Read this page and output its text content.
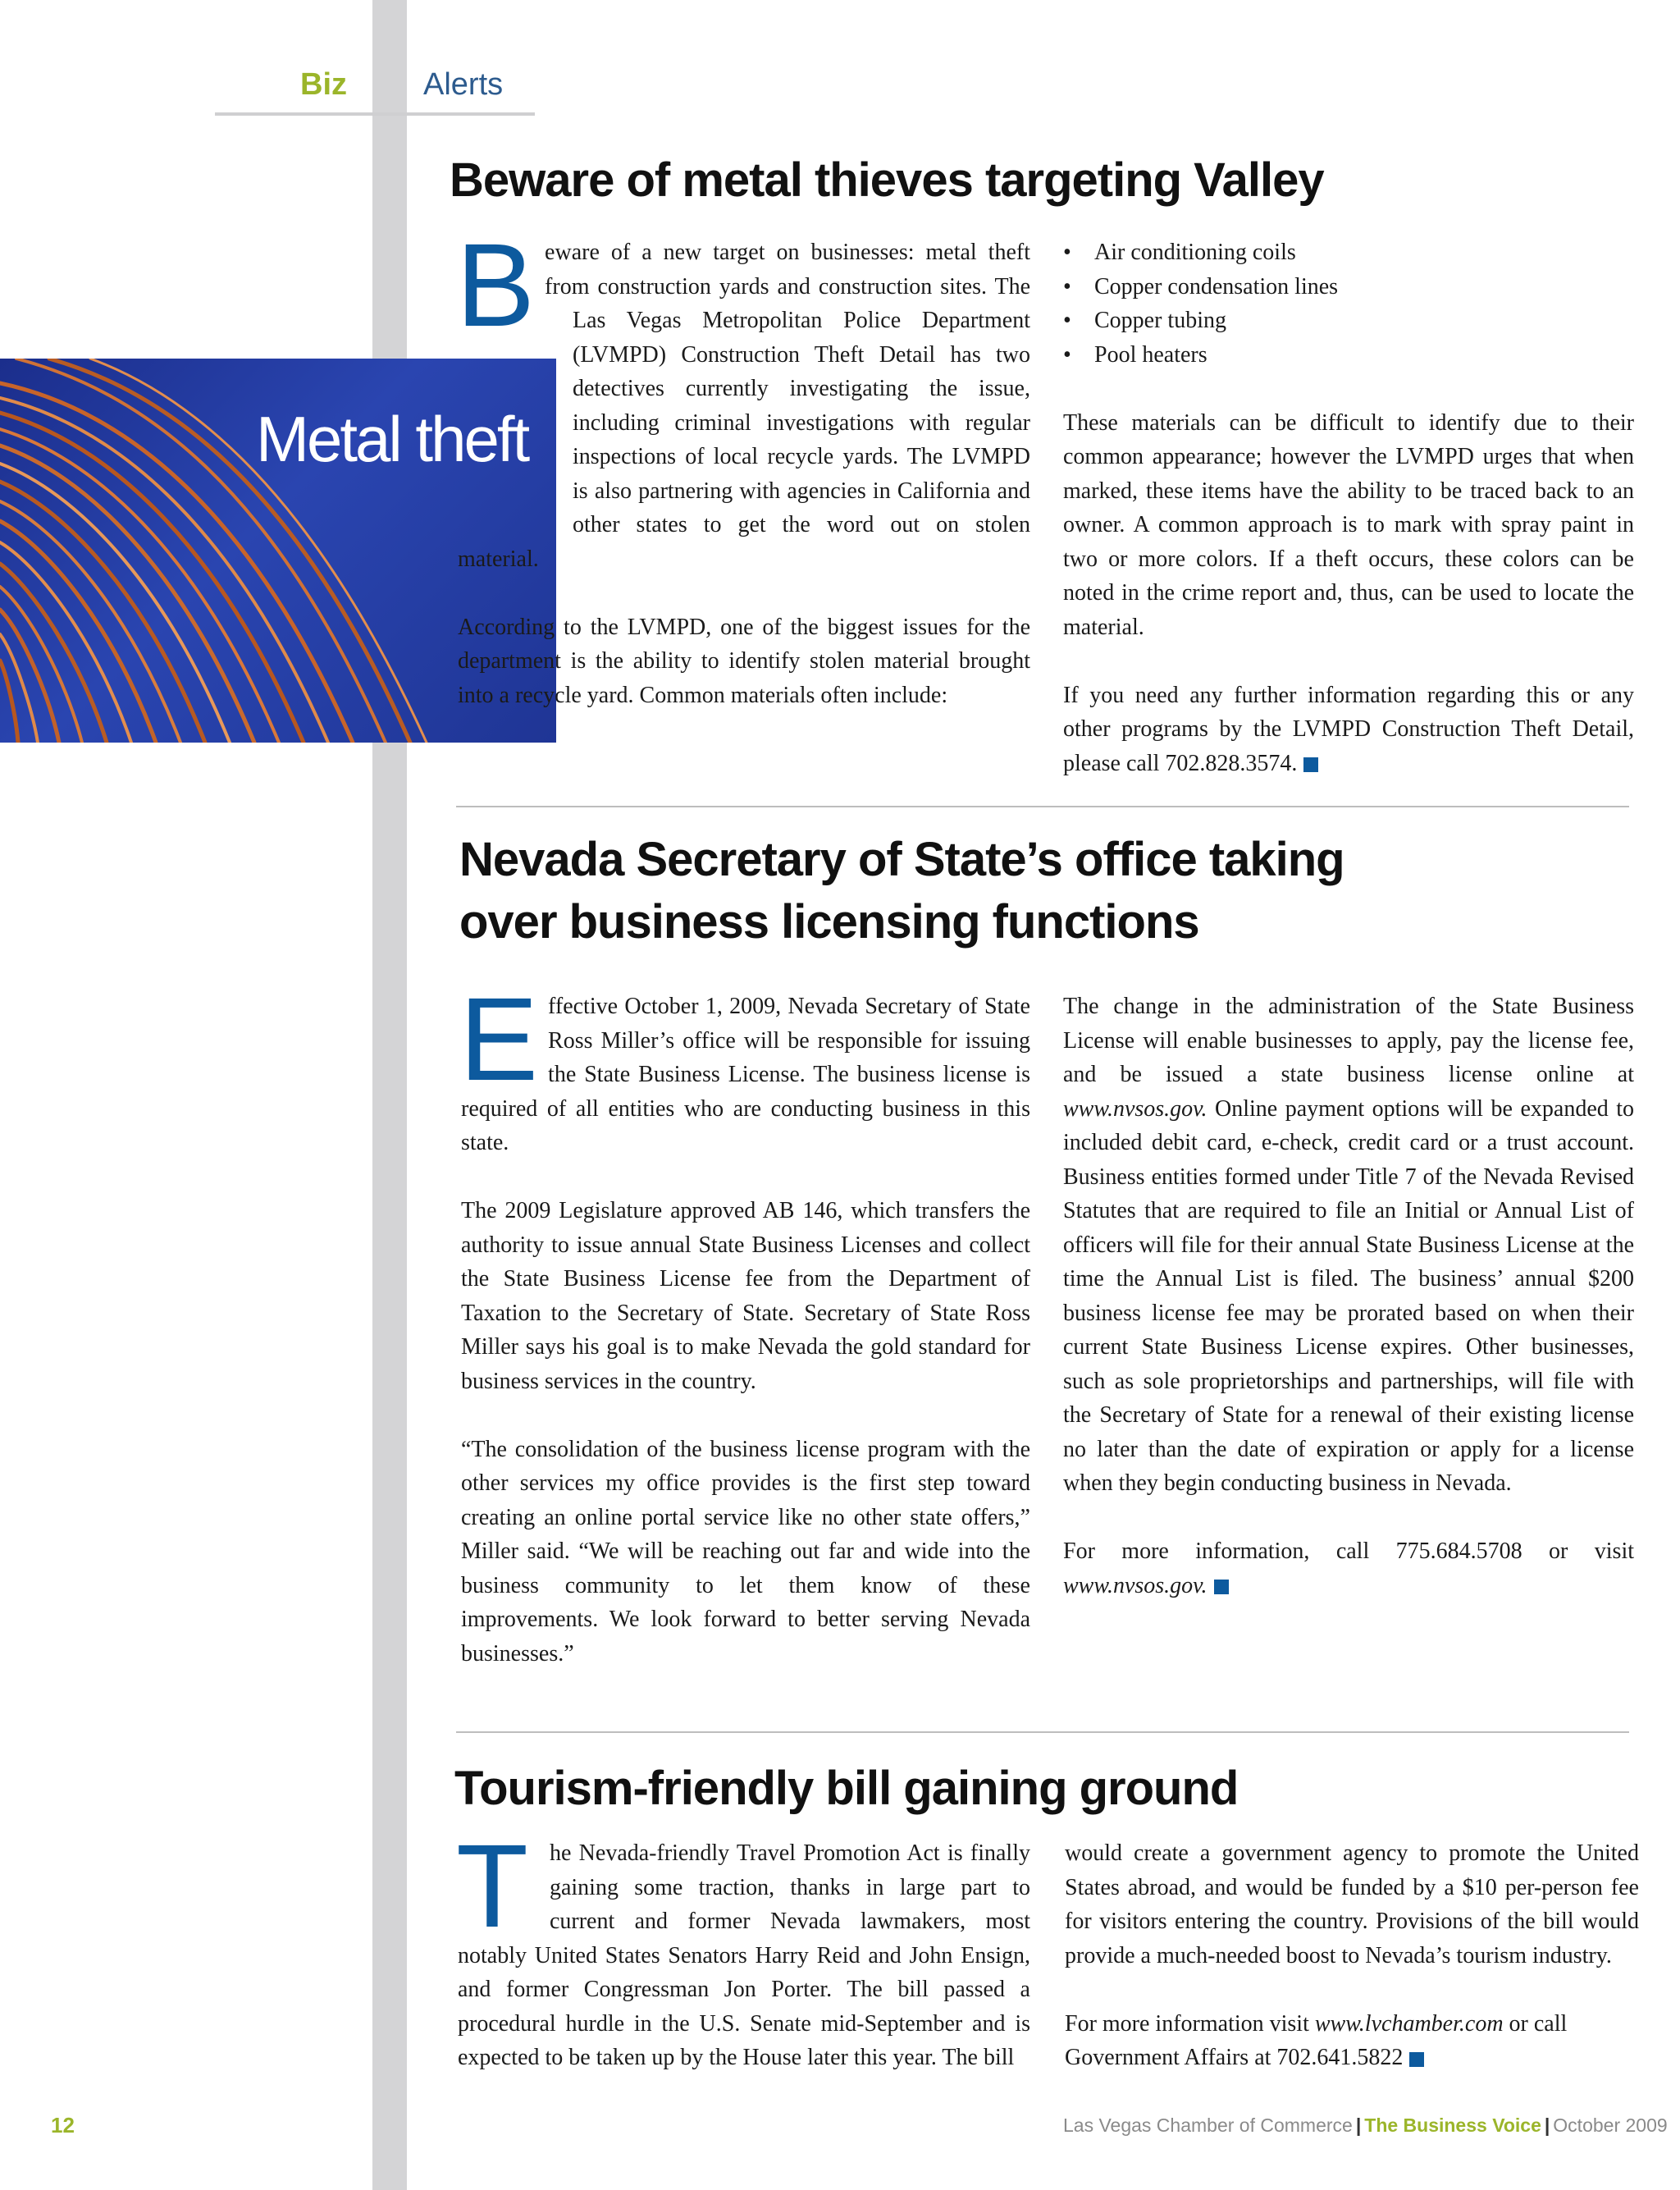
Biz Alerts
Beware of metal thieves targeting Valley
Metal theft
B eware of a new target on businesses: metal theft from construction yards and construction sites. The Las Vegas Metropolitan Police Department (LVMPD) Construction Theft Detail has two detectives currently investigating the issue, including criminal investigations with regular inspections of local recycle yards. The LVMPD is also partnering with agencies in California and other states to get the word out on stolen material.

According to the LVMPD, one of the biggest issues for the department is the ability to identify stolen material brought into a recycle yard. Common materials often include:

• Air conditioning coils
• Copper condensation lines
• Copper tubing
• Pool heaters

These materials can be difficult to identify due to their common appearance; however the LVMPD urges that when marked, these items have the ability to be traced back to an owner. A common approach is to mark with spray paint in two or more colors. If a theft occurs, these colors can be noted in the crime report and, thus, can be used to locate the material.

If you need any further information regarding this or any other programs by the LVMPD Construction Theft Detail, please call 702.828.3574.

Nevada Secretary of State’s office taking over business licensing functions
E ffective October 1, 2009, Nevada Secretary of State Ross Miller’s office will be responsible for issuing the State Business License. The business license is required of all entities who are conducting business in this state.

The 2009 Legislature approved AB 146, which transfers the authority to issue annual State Business Licenses and collect the State Business License fee from the Department of Taxation to the Secretary of State. Secretary of State Ross Miller says his goal is to make Nevada the gold standard for business services in the country.

“The consolidation of the business license program with the other services my office provides is the first step toward creating an online portal service like no other state offers,” Miller said. “We will be reaching out far and wide into the business community to let them know of these improvements. We look forward to better serving Nevada businesses.”

The change in the administration of the State Business License will enable businesses to apply, pay the license fee, and be issued a state business license online at www.nvsos.gov. Online payment options will be expanded to included debit card, e-check, credit card or a trust account. Business entities formed under Title 7 of the Nevada Revised Statutes that are required to file an Initial or Annual List of officers will file for their annual State Business License at the time the Annual List is filed. The business’ annual $200 business license fee may be prorated based on when their current State Business License expires. Other businesses, such as sole proprietorships and partnerships, will file with the Secretary of State for a renewal of their existing license no later than the date of expiration or apply for a license when they begin conducting business in Nevada.

For more information, call 775.684.5708 or visit www.nvsos.gov.

Tourism-friendly bill gaining ground
T he Nevada-friendly Travel Promotion Act is finally gaining some traction, thanks in large part to current and former Nevada lawmakers, most notably United States Senators Harry Reid and John Ensign, and former Congressman Jon Porter. The bill passed a procedural hurdle in the U.S. Senate mid-September and is expected to be taken up by the House later this year. The bill

would create a government agency to promote the United States abroad, and would be funded by a $10 per-person fee for visitors entering the country. Provisions of the bill would provide a much-needed boost to Nevada’s tourism industry.

For more information visit www.lvchamber.com or call Government Affairs at 702.641.5822

12	Las Vegas Chamber of Commerce | The Business Voice | October 2009
